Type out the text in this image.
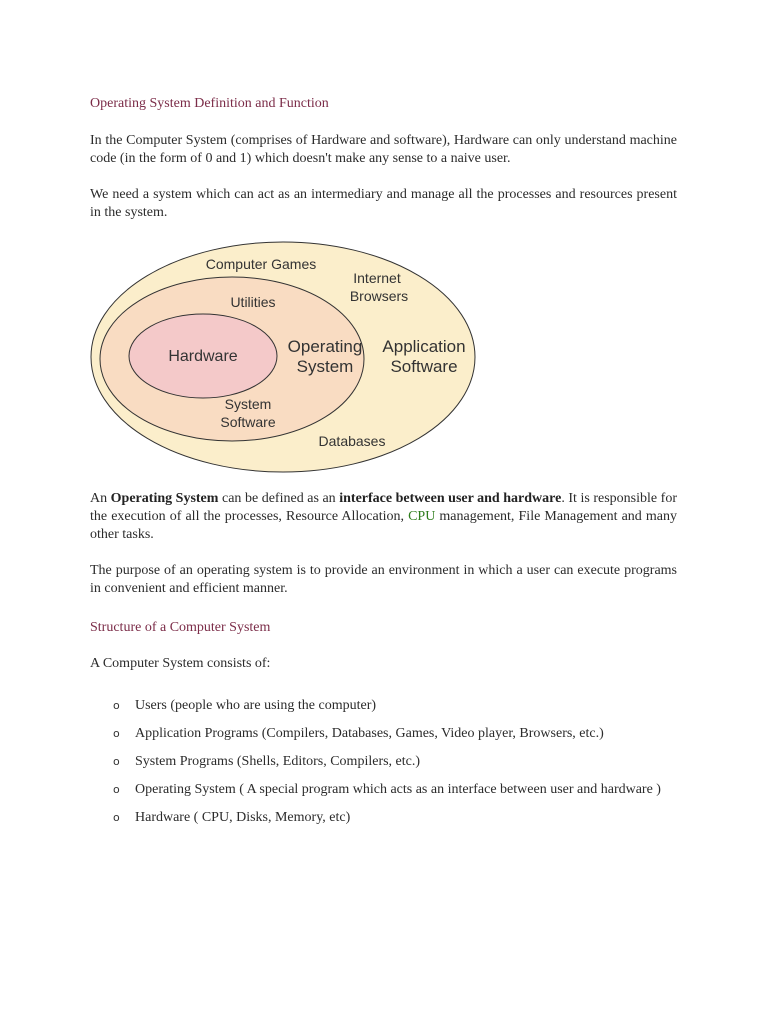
Operating System Definition and Function
In the Computer System (comprises of Hardware and software), Hardware can only understand machine code (in the form of 0 and 1) which doesn't make any sense to a naive user.
We need a system which can act as an intermediary and manage all the processes and resources present in the system.
Computer Games
Internet
Browsers
Application
Software
Databases
Utilities
Operating
System
System
Software
Hardware
An Operating System can be defined as an interface between user and hardware. It is responsible for the execution of all the processes, Resource Allocation, CPU management, File Management and many other tasks.
The purpose of an operating system is to provide an environment in which a user can execute programs in convenient and efficient manner.
Structure of a Computer System
A Computer System consists of:
o Users (people who are using the computer)
o Application Programs (Compilers, Databases, Games, Video player, Browsers, etc.)
o System Programs (Shells, Editors, Compilers, etc.)
o Operating System ( A special program which acts as an interface between user and hardware )
o Hardware ( CPU, Disks, Memory, etc)
